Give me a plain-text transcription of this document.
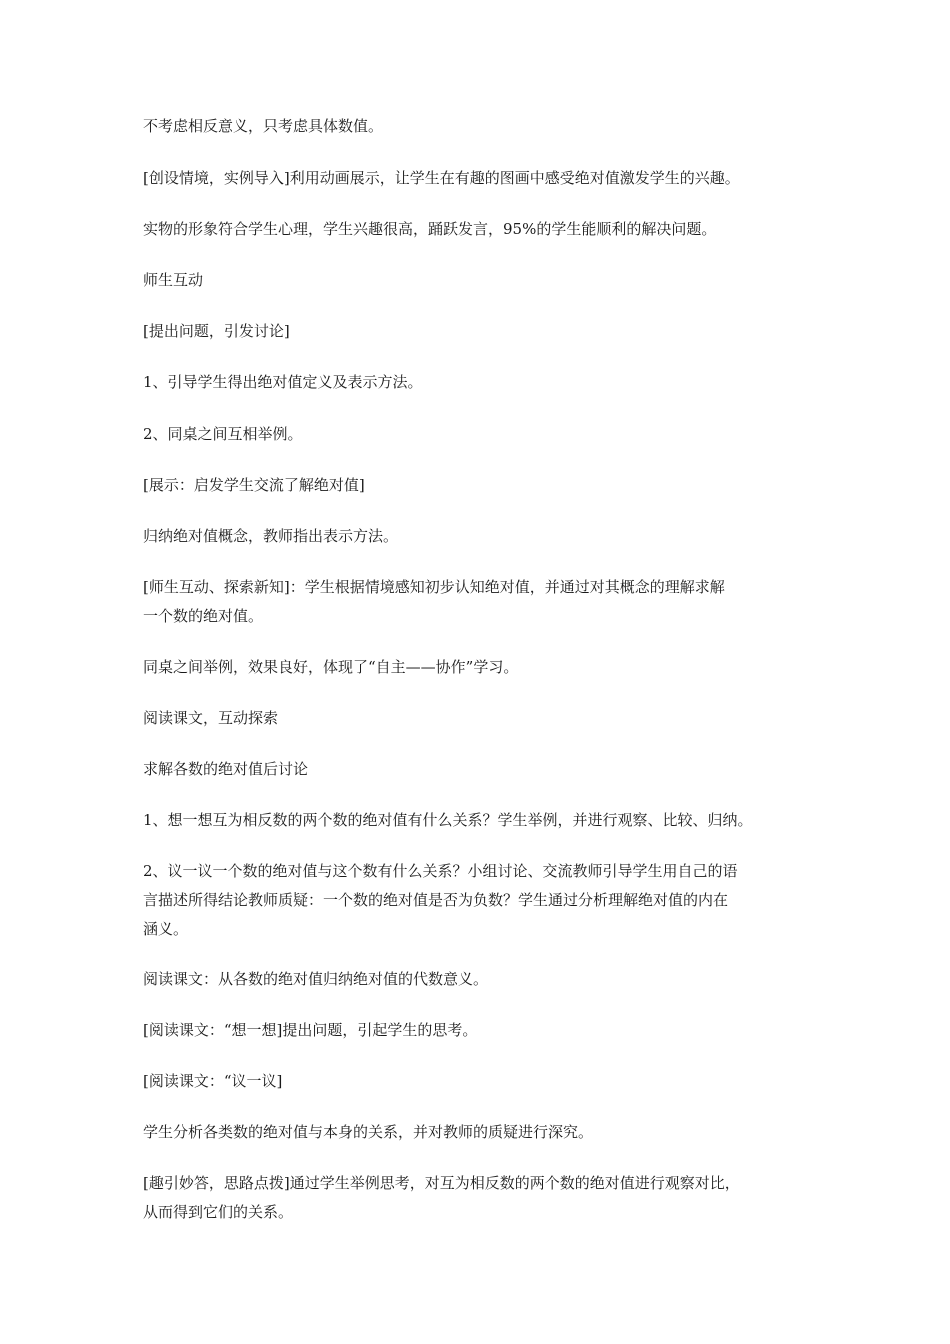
不考虑相反意义，只考虑具体数值。

[创设情境，实例导入]利用动画展示，让学生在有趣的图画中感受绝对值激发学生的兴趣。

实物的形象符合学生心理，学生兴趣很高，踊跃发言，95%的学生能顺利的解决问题。

师生互动

[提出问题，引发讨论]

1、引导学生得出绝对值定义及表示方法。

2、同桌之间互相举例。

[展示：启发学生交流了解绝对值]

归纳绝对值概念，教师指出表示方法。

[师生互动、探索新知]：学生根据情境感知初步认知绝对值，并通过对其概念的理解求解
一个数的绝对值。

同桌之间举例，效果良好，体现了“自主——协作”学习。

阅读课文，互动探索

求解各数的绝对值后讨论

1、想一想互为相反数的两个数的绝对值有什么关系？学生举例，并进行观察、比较、归纳。

2、议一议一个数的绝对值与这个数有什么关系？小组讨论、交流教师引导学生用自己的语
言描述所得结论教师质疑：一个数的绝对值是否为负数？学生通过分析理解绝对值的内在
涵义。

阅读课文：从各数的绝对值归纳绝对值的代数意义。

[阅读课文：“想一想]提出问题，引起学生的思考。

[阅读课文：“议一议]

学生分析各类数的绝对值与本身的关系，并对教师的质疑进行深究。

[趣引妙答，思路点拨]通过学生举例思考，对互为相反数的两个数的绝对值进行观察对比，
从而得到它们的关系。
